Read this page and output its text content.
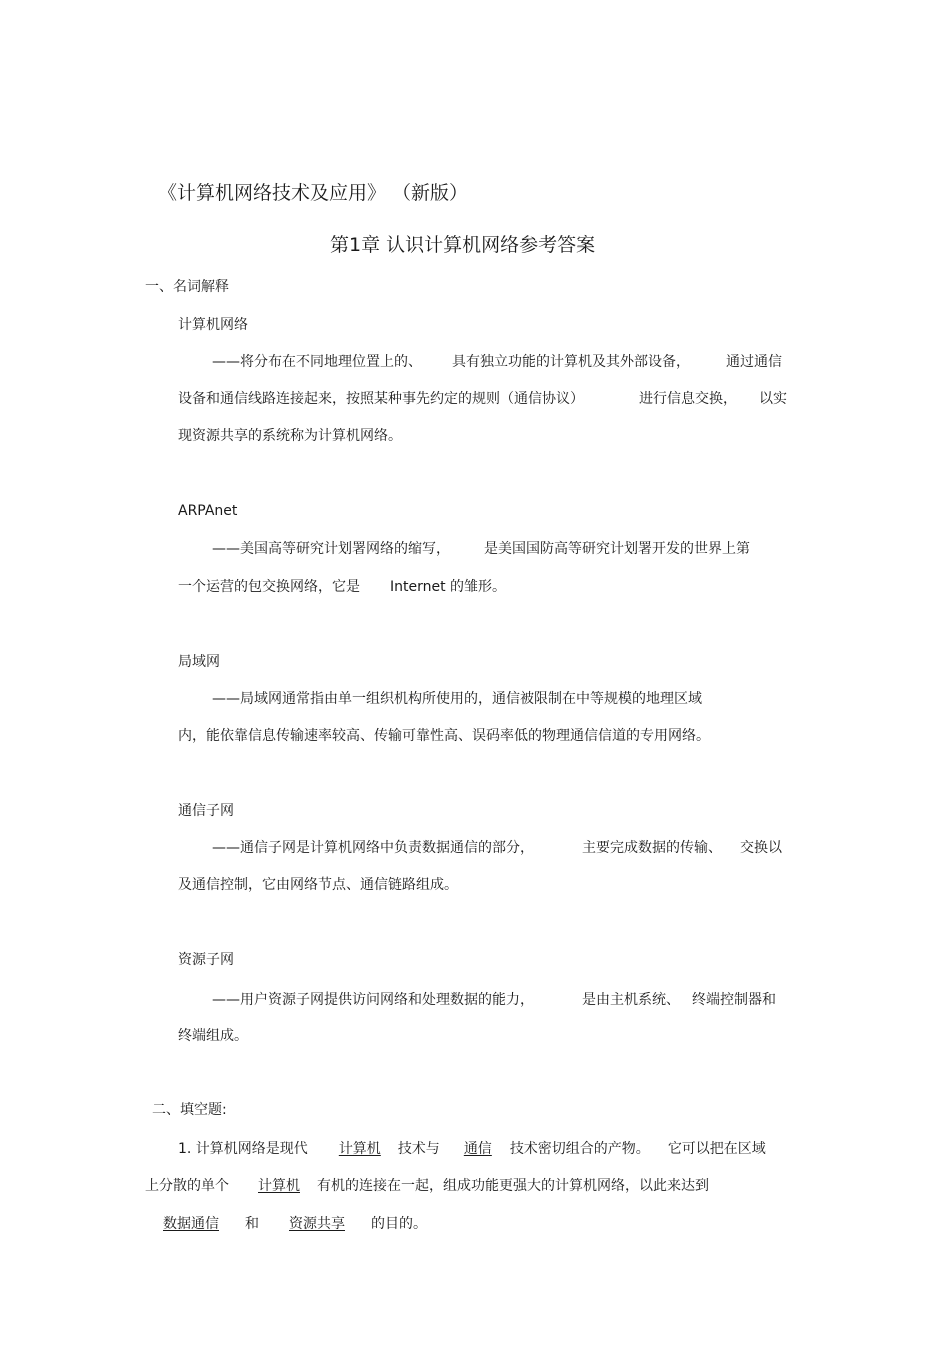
《计算机网络技术及应用》 （新版）
第1章 认识计算机网络参考答案
一、名词解释
计算机网络
——将分布在不同地理位置上的、 具有独立功能的计算机及其外部设备，	通过通信
设备和通信线路连接起来，按照某种事先约定的规则（通信协议）	进行信息交换， 以实
现资源共享的系统称为计算机网络。
ARPAnet
——美国高等研究计划署网络的缩写， 是美国国防高等研究计划署开发的世界上第
一个运营的包交换网络，它是 Internet 的雏形。
局域网
——局域网通常指由单一组织机构所使用的，通信被限制在中等规模的地理区域
内，能依靠信息传输速率较高、传输可靠性高、误码率低的物理通信信道的专用网络。
通信子网
——通信子网是计算机网络中负责数据通信的部分，	主要完成数据的传输、 交换以
及通信控制，它由网络节点、通信链路组成。
资源子网
——用户资源子网提供访问网络和处理数据的能力，	是由主机系统、 终端控制器和
终端组成。
二、填空题:
1. 计算机网络是现代 计算机 技术与 通信 技术密切组合的产物。 它可以把在区域
上分散的单个 计算机 有机的连接在一起，组成功能更强大的计算机网络，以此来达到
数据通信 和 资源共享 的目的。
